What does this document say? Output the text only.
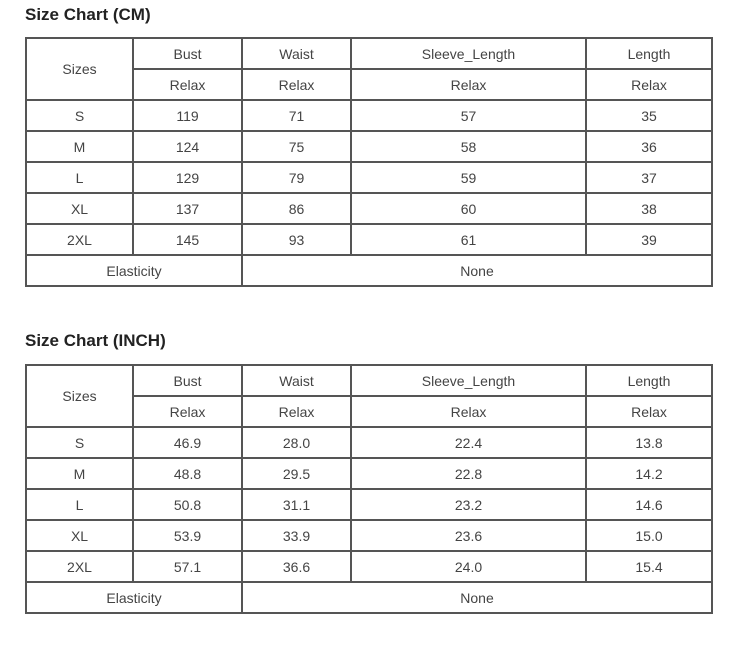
Size Chart (CM)
Sizes	Bust	Waist	Sleeve_Length	Length
	Relax	Relax	Relax	Relax
S	119	71	57	35
M	124	75	58	36
L	129	79	59	37
XL	137	86	60	38
2XL	145	93	61	39
Elasticity		None		
Size Chart (INCH)
Sizes	Bust	Waist	Sleeve_Length	Length
	Relax	Relax	Relax	Relax
S	46.9	28.0	22.4	13.8
M	48.8	29.5	22.8	14.2
L	50.8	31.1	23.2	14.6
XL	53.9	33.9	23.6	15.0
2XL	57.1	36.6	24.0	15.4
Elasticity		None		
